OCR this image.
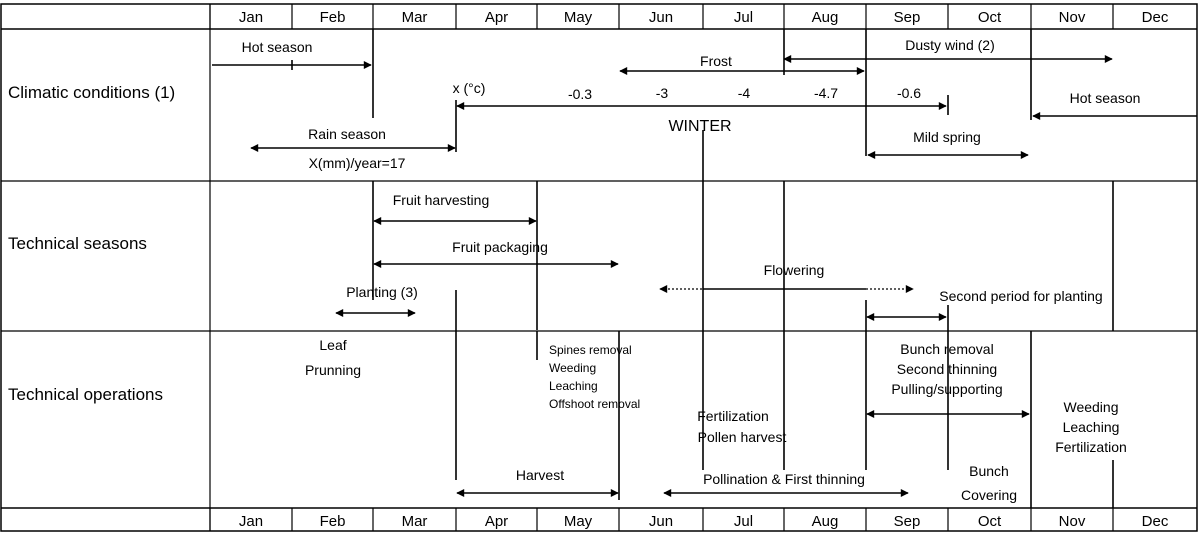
Jan	Feb	Mar	Apr	May	Jun	Jul	Aug	Sep	Oct	Nov	Dec
Jan	Feb	Mar	Apr	May	Jun	Jul	Aug	Sep	Oct	Nov	Dec
Climatic conditions (1)
Technical seasons
Technical operations
Hot season	Dusty wind (2)
Frost
x (°c)	-0.3	-3	-4	-4.7	-0.6	Hot season
WINTER
Rain season
X(mm)/year=17
Mild spring
Fruit harvesting
Fruit packaging
Flowering
Second period for planting
Planting (3)
Leaf
Prunning
Spines removal
Weeding
Leaching
Offshoot removal
Bunch removal
Second thinning
Pulling/supporting
Fertilization
Pollen harvest
Weeding
Leaching
Fertilization
Harvest	Pollination & First thinning	Bunch
Covering
